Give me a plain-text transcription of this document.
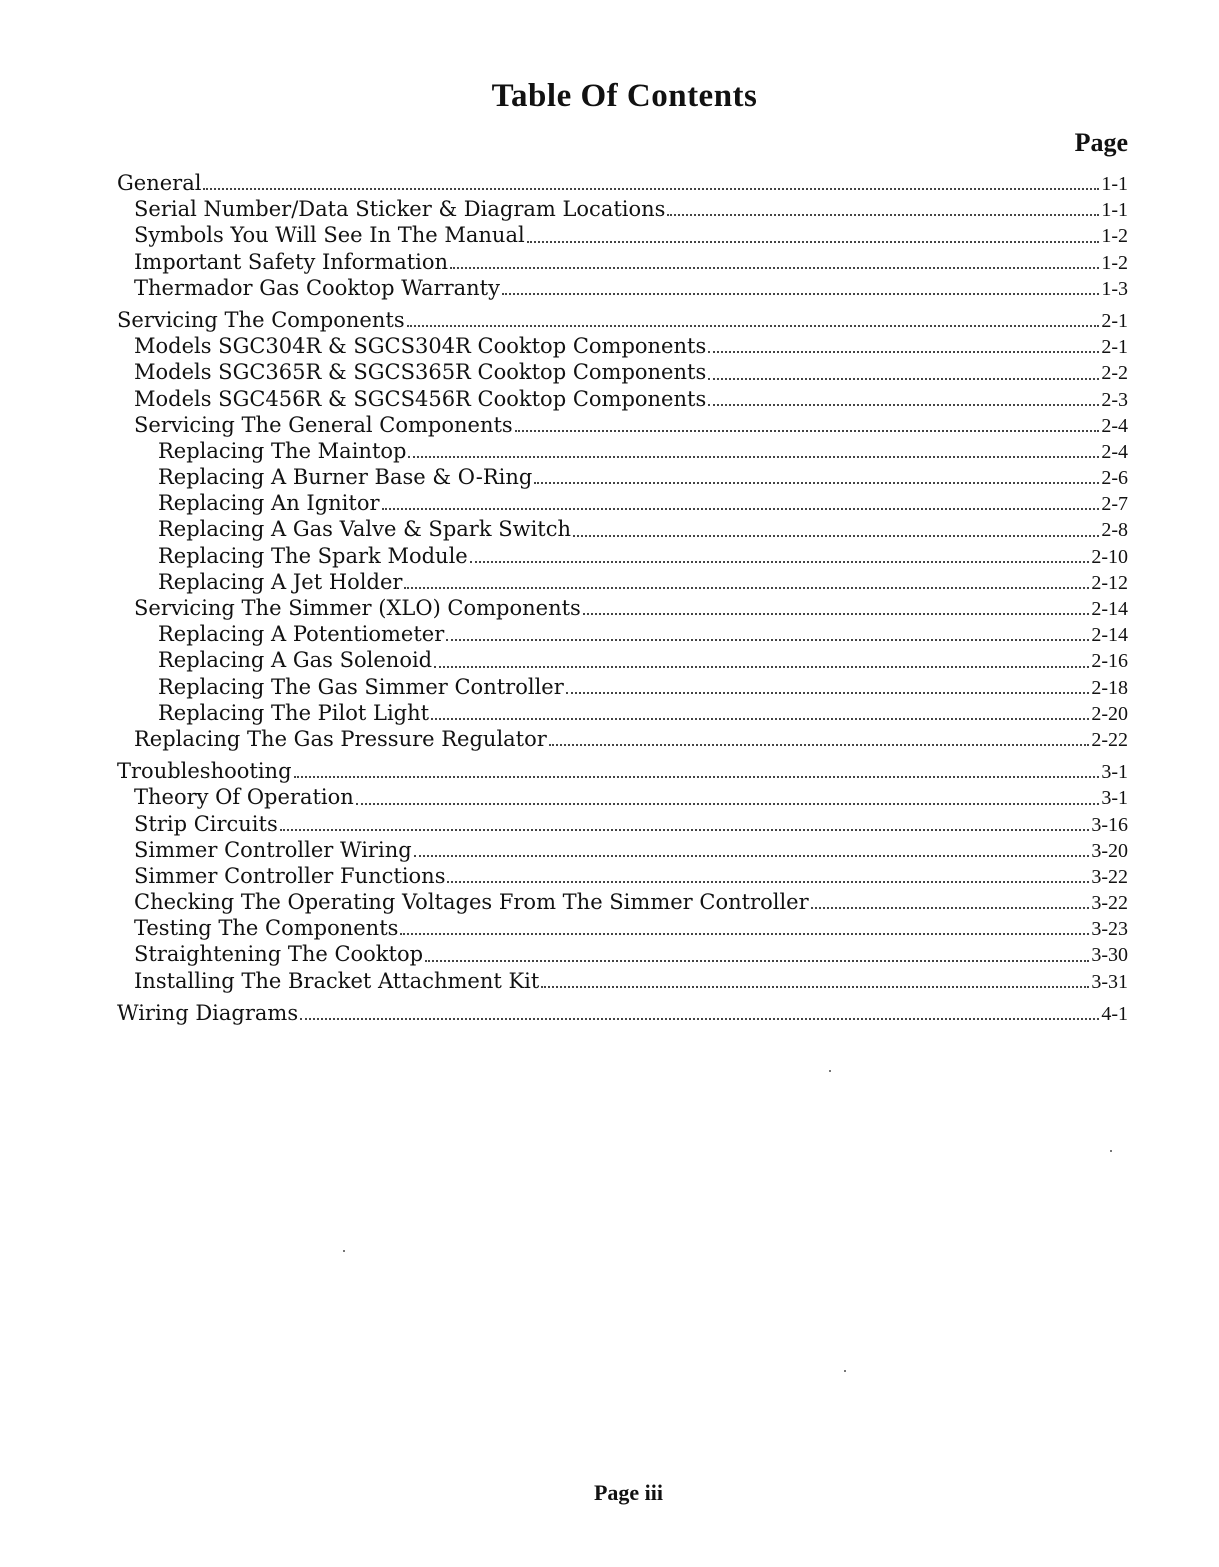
Table Of Contents
Page
General	1-1
Serial Number/Data Sticker & Diagram Locations	1-1
Symbols You Will See In The Manual	1-2
Important Safety Information	1-2
Thermador Gas Cooktop Warranty	1-3
Servicing The Components	2-1
Models SGC304R & SGCS304R Cooktop Components	2-1
Models SGC365R & SGCS365R Cooktop Components	2-2
Models SGC456R & SGCS456R Cooktop Components	2-3
Servicing The General Components	2-4
Replacing The Maintop	2-4
Replacing A Burner Base & O-Ring	2-6
Replacing An Ignitor	2-7
Replacing A Gas Valve & Spark Switch	2-8
Replacing The Spark Module	2-10
Replacing A Jet Holder	2-12
Servicing The Simmer (XLO) Components	2-14
Replacing A Potentiometer	2-14
Replacing A Gas Solenoid	2-16
Replacing The Gas Simmer Controller	2-18
Replacing The Pilot Light	2-20
Replacing The Gas Pressure Regulator	2-22
Troubleshooting	3-1
Theory Of Operation	3-1
Strip Circuits	3-16
Simmer Controller Wiring	3-20
Simmer Controller Functions	3-22
Checking The Operating Voltages From The Simmer Controller	3-22
Testing The Components	3-23
Straightening The Cooktop	3-30
Installing The Bracket Attachment Kit	3-31
Wiring Diagrams	4-1
Page iii
